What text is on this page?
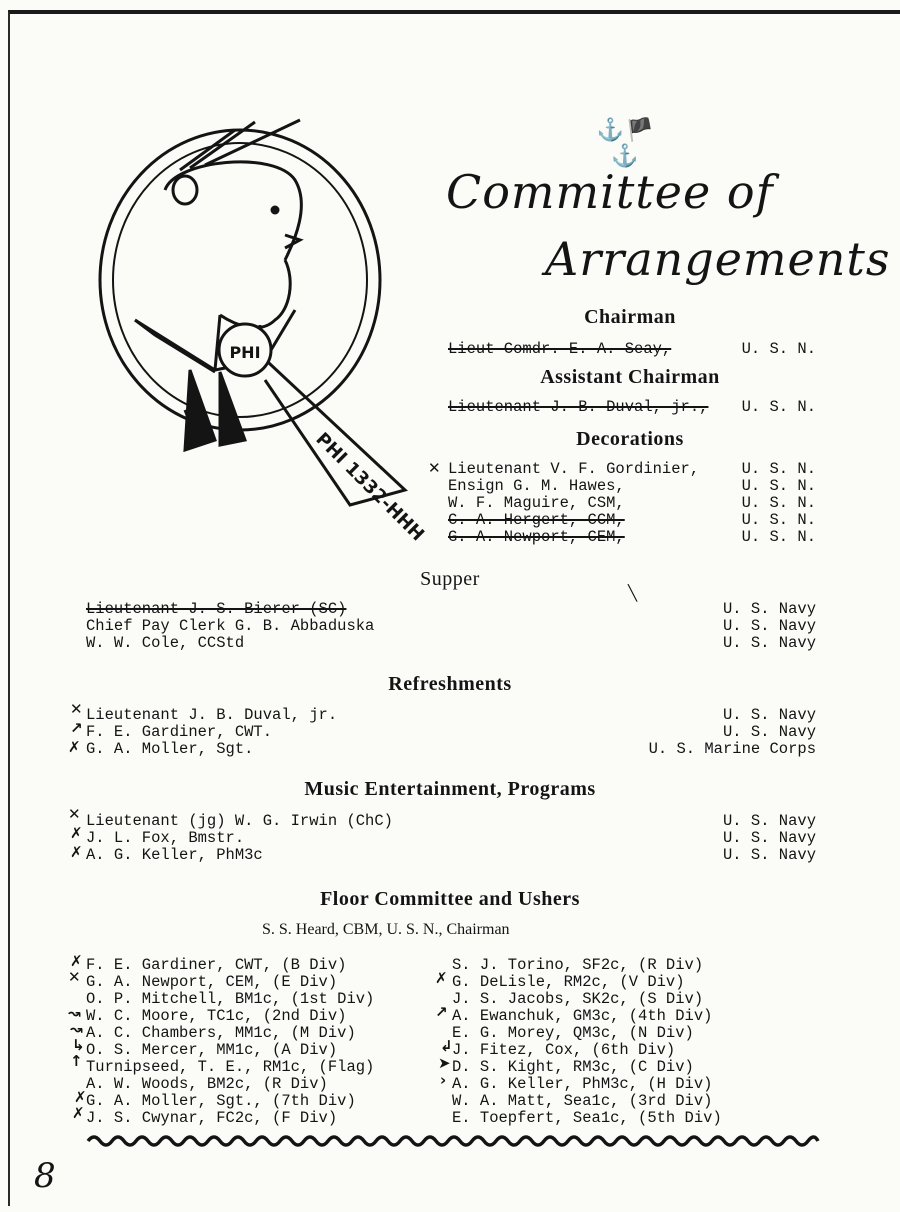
PHI
PHI 1332-HHH
⚓🏴⚓
Committee of
Arrangements
Chairman
Lieut Comdr. E. A. Seay,	U. S. N.
Assistant Chairman
Lieutenant J. B. Duval, jr., U. S. N.
Decorations
✕ Lieutenant V. F. Gordinier,	U. S. N.
Ensign G. M. Hawes,	U. S. N.
W. F. Maguire, CSM,	U. S. N.
C. A. Hergert, CCM,	U. S. N.
G. A. Newport, CEM,	U. S. N.
Supper
╲
Lieutenant J. S. Bierer (SC)	U. S. Navy
Chief Pay Clerk G. B. Abbaduska	U. S. Navy
W. W. Cole, CCStd	U. S. Navy
Refreshments
✕
↗
✗
Lieutenant J. B. Duval, jr.	U. S. Navy
F. E. Gardiner, CWT.	U. S. Navy
G. A. Moller, Sgt.	U. S. Marine Corps
Music Entertainment, Programs
✕
✗
✗
Lieutenant (jg) W. G. Irwin (ChC)	U. S. Navy
J. L. Fox, Bmstr.	U. S. Navy
A. G. Keller, PhM3c	U. S. Navy
Floor Committee and Ushers
S. S. Heard, CBM, U. S. N., Chairman
✗
✕
↝
↝
↳
↑
✗
✗
F. E. Gardiner, CWT, (B Div)
G. A. Newport, CEM, (E Div)
O. P. Mitchell, BM1c, (1st Div)
W. C. Moore, TC1c, (2nd Div)
A. C. Chambers, MM1c, (M Div)
O. S. Mercer, MM1c, (A Div)
Turnipseed, T. E., RM1c, (Flag)
A. W. Woods, BM2c, (R Div)
G. A. Moller, Sgt., (7th Div)
J. S. Cwynar, FC2c, (F Div)
✗
↗
↲
➤
›
S. J. Torino, SF2c, (R Div)
G. DeLisle, RM2c, (V Div)
J. S. Jacobs, SK2c, (S Div)
A. Ewanchuk, GM3c, (4th Div)
E. G. Morey, QM3c, (N Div)
J. Fitez, Cox, (6th Div)
D. S. Kight, RM3c, (C Div)
A. G. Keller, PhM3c, (H Div)
W. A. Matt, Sea1c, (3rd Div)
E. Toepfert, Sea1c, (5th Div)
8
